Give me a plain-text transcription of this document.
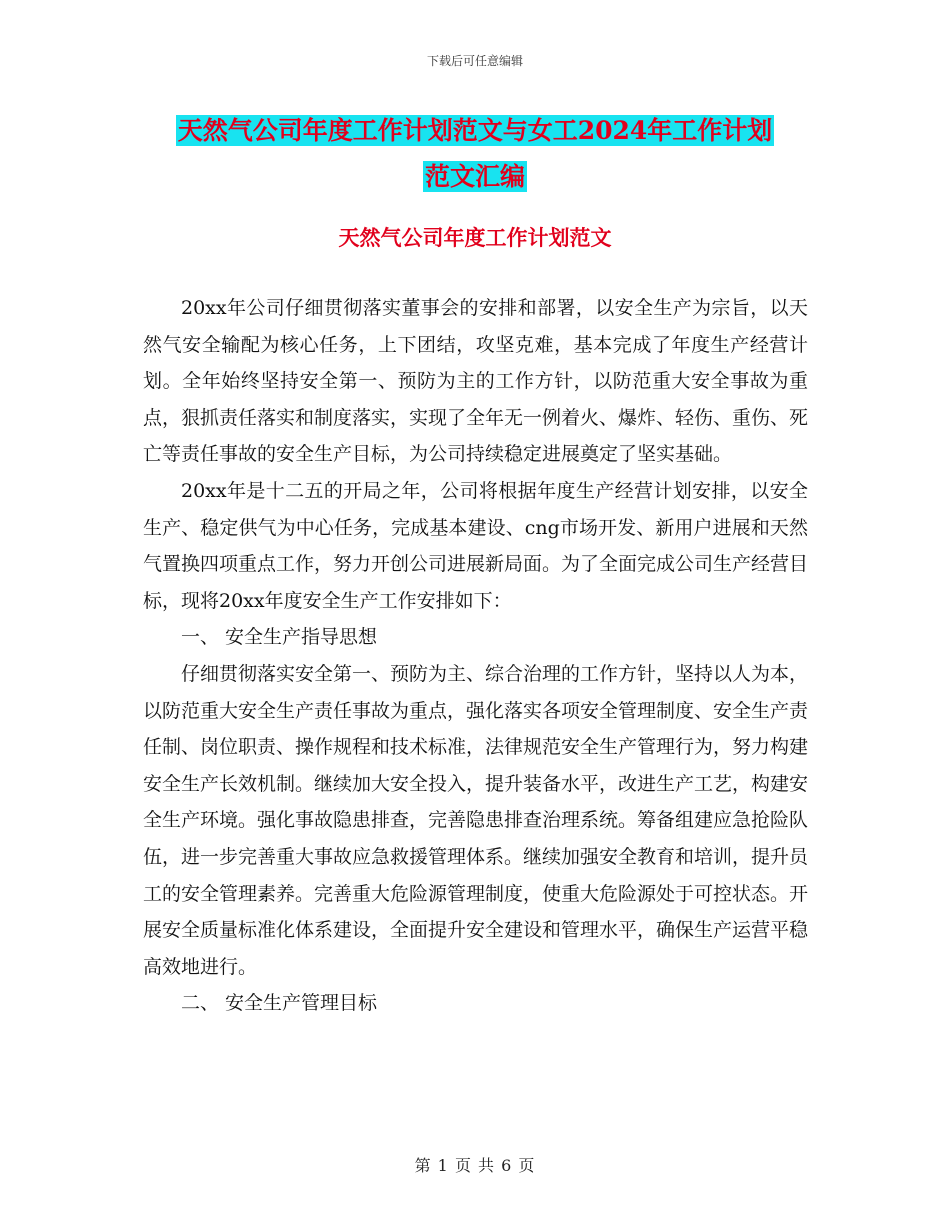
下载后可任意编辑
天然气公司年度工作计划范文与女工2024年工作计划
范文汇编
天然气公司年度工作计划范文

20xx年公司仔细贯彻落实董事会的安排和部署，以安全生产为宗旨，以天然气安全输配为核心任务，上下团结，攻坚克难，基本完成了年度生产经营计划。全年始终坚持安全第一、预防为主的工作方针，以防范重大安全事故为重点，狠抓责任落实和制度落实，实现了全年无一例着火、爆炸、轻伤、重伤、死亡等责任事故的安全生产目标，为公司持续稳定进展奠定了坚实基础。

20xx年是十二五的开局之年，公司将根据年度生产经营计划安排，以安全生产、稳定供气为中心任务，完成基本建设、cng市场开发、新用户进展和天然气置换四项重点工作，努力开创公司进展新局面。为了全面完成公司生产经营目标，现将20xx年度安全生产工作安排如下：

一、 安全生产指导思想

仔细贯彻落实安全第一、预防为主、综合治理的工作方针，坚持以人为本，以防范重大安全生产责任事故为重点，强化落实各项安全管理制度、安全生产责任制、岗位职责、操作规程和技术标准，法律规范安全生产管理行为，努力构建安全生产长效机制。继续加大安全投入，提升装备水平，改进生产工艺，构建安全生产环境。强化事故隐患排查，完善隐患排查治理系统。筹备组建应急抢险队伍，进一步完善重大事故应急救援管理体系。继续加强安全教育和培训，提升员工的安全管理素养。完善重大危险源管理制度，使重大危险源处于可控状态。开展安全质量标准化体系建设，全面提升安全建设和管理水平，确保生产运营平稳高效地进行。

二、 安全生产管理目标

第 1 页 共 6 页
